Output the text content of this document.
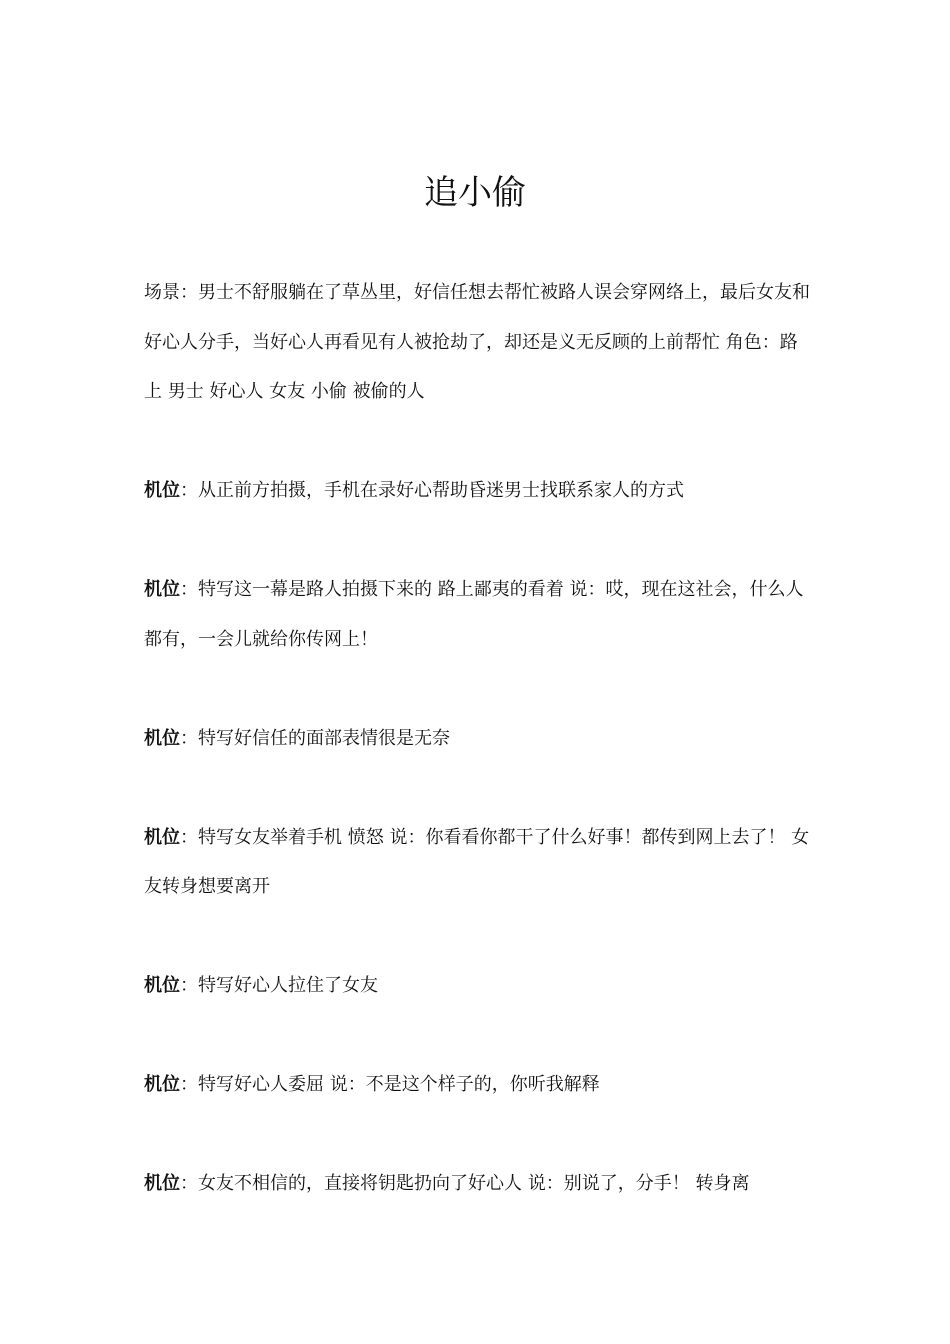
追小偷

场景：男士不舒服躺在了草丛里，好信任想去帮忙被路人误会穿网络上，最后女友和好心人分手，当好心人再看见有人被抢劫了，却还是义无反顾的上前帮忙 角色：路上 男士 好心人 女友 小偷 被偷的人

机位：从正前方拍摄，手机在录好心帮助昏迷男士找联系家人的方式

机位：特写这一幕是路人拍摄下来的 路上鄙夷的看着 说：哎，现在这社会，什么人都有，一会儿就给你传网上！

机位：特写好信任的面部表情很是无奈

机位：特写女友举着手机 愤怒 说：你看看你都干了什么好事！都传到网上去了！ 女友转身想要离开

机位：特写好心人拉住了女友

机位：特写好心人委屈 说：不是这个样子的，你听我解释

机位：女友不相信的，直接将钥匙扔向了好心人 说：别说了，分手！ 转身离
